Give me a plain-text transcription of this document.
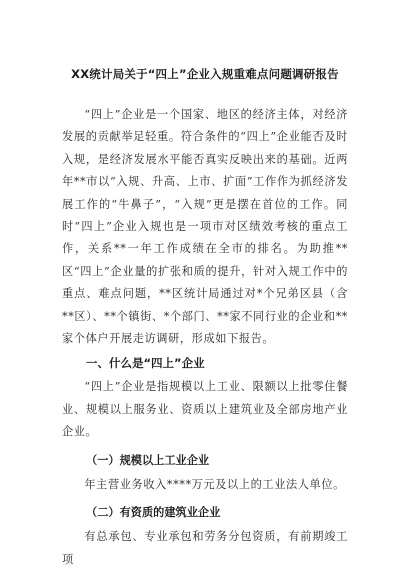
XX统计局关于“四上”企业入规重难点问题调研报告

“四上”企业是一个国家、地区的经济主体，对经济发展的贡献举足轻重。符合条件的“四上”企业能否及时入规，是经济发展水平能否真实反映出来的基础。近两年**市以“入规、升高、上市、扩面”工作作为抓经济发展工作的“牛鼻子”，“入规”更是摆在首位的工作。同时“四上”企业入规也是一项市对区绩效考核的重点工作，关系**一年工作成绩在全市的排名。为助推**区“四上”企业量的扩张和质的提升，针对入规工作中的重点、难点问题，**区统计局通过对*个兄弟区县（含**区）、**个镇街、*个部门、**家不同行业的企业和**家个体户开展走访调研，形成如下报告。

一、什么是“四上”企业

“四上”企业是指规模以上工业、限额以上批零住餐业、规模以上服务业、资质以上建筑业及全部房地产业企业。

（一）规模以上工业企业

年主营业务收入****万元及以上的工业法人单位。

（二）有资质的建筑业企业

有总承包、专业承包和劳务分包资质，有前期竣工项
